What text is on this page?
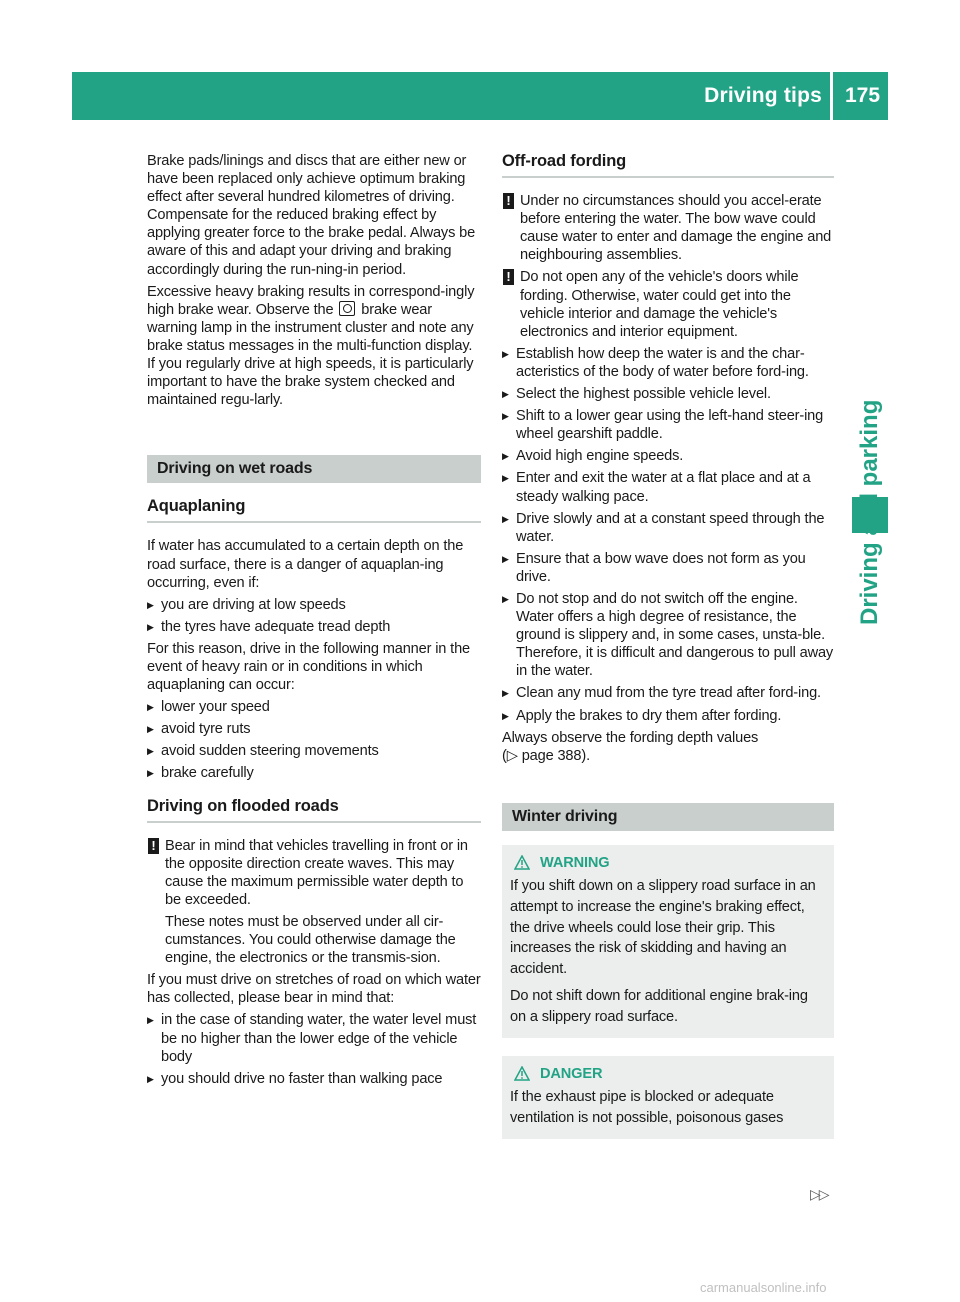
Driving tips 175

Brake pads/linings and discs that are either new or have been replaced only achieve optimum braking effect after several hundred kilometres of driving. Compensate for the reduced braking effect by applying greater force to the brake pedal. Always be aware of this and adapt your driving and braking accordingly during the run-ning-in period.

Excessive heavy braking results in correspond-ingly high brake wear. Observe the brake wear warning lamp in the instrument cluster and note any brake status messages in the multi-function display. If you regularly drive at high speeds, it is particularly important to have the brake system checked and maintained regu-larly.

Driving on wet roads
Aquaplaning

If water has accumulated to a certain depth on the road surface, there is a danger of aquaplan-ing occurring, even if:

▶ you are driving at low speeds
▶ the tyres have adequate tread depth

For this reason, drive in the following manner in the event of heavy rain or in conditions in which aquaplaning can occur:

▶ lower your speed
▶ avoid tyre ruts
▶ avoid sudden steering movements
▶ brake carefully
Driving on flooded roads
! Bear in mind that vehicles travelling in front or in the opposite direction create waves. This may cause the maximum permissible water depth to be exceeded.

These notes must be observed under all cir-cumstances. You could otherwise damage the engine, the electronics or the transmis-sion.

If you must drive on stretches of road on which water has collected, please bear in mind that:

▶ in the case of standing water, the water level must be no higher than the lower edge of the vehicle body
▶ you should drive no faster than walking pace
Off-road fording
! Under no circumstances should you accel-erate before entering the water. The bow wave could cause water to enter and damage the engine and neighbouring assemblies.
! Do not open any of the vehicle's doors while fording. Otherwise, water could get into the vehicle interior and damage the vehicle's electronics and interior equipment.
▶ Establish how deep the water is and the char-acteristics of the body of water before ford-ing.
▶ Select the highest possible vehicle level.
▶ Shift to a lower gear using the left-hand steer-ing wheel gearshift paddle.
▶ Avoid high engine speeds.
▶ Enter and exit the water at a flat place and at a steady walking pace.
▶ Drive slowly and at a constant speed through the water.
▶ Ensure that a bow wave does not form as you drive.
▶ Do not stop and do not switch off the engine. Water offers a high degree of resistance, the ground is slippery and, in some cases, unsta-ble. Therefore, it is difficult and dangerous to pull away in the water.
▶ Clean any mud from the tyre tread after ford-ing.
▶ Apply the brakes to dry them after fording.

Always observe the fording depth values
(▷ page 388).

Winter driving
WARNING

If you shift down on a slippery road surface in an attempt to increase the engine's braking effect, the drive wheels could lose their grip. This increases the risk of skidding and having an accident.

Do not shift down for additional engine brak-ing on a slippery road surface.

DANGER

If the exhaust pipe is blocked or adequate ventilation is not possible, poisonous gases

▷▷
carmanualsonline.info
